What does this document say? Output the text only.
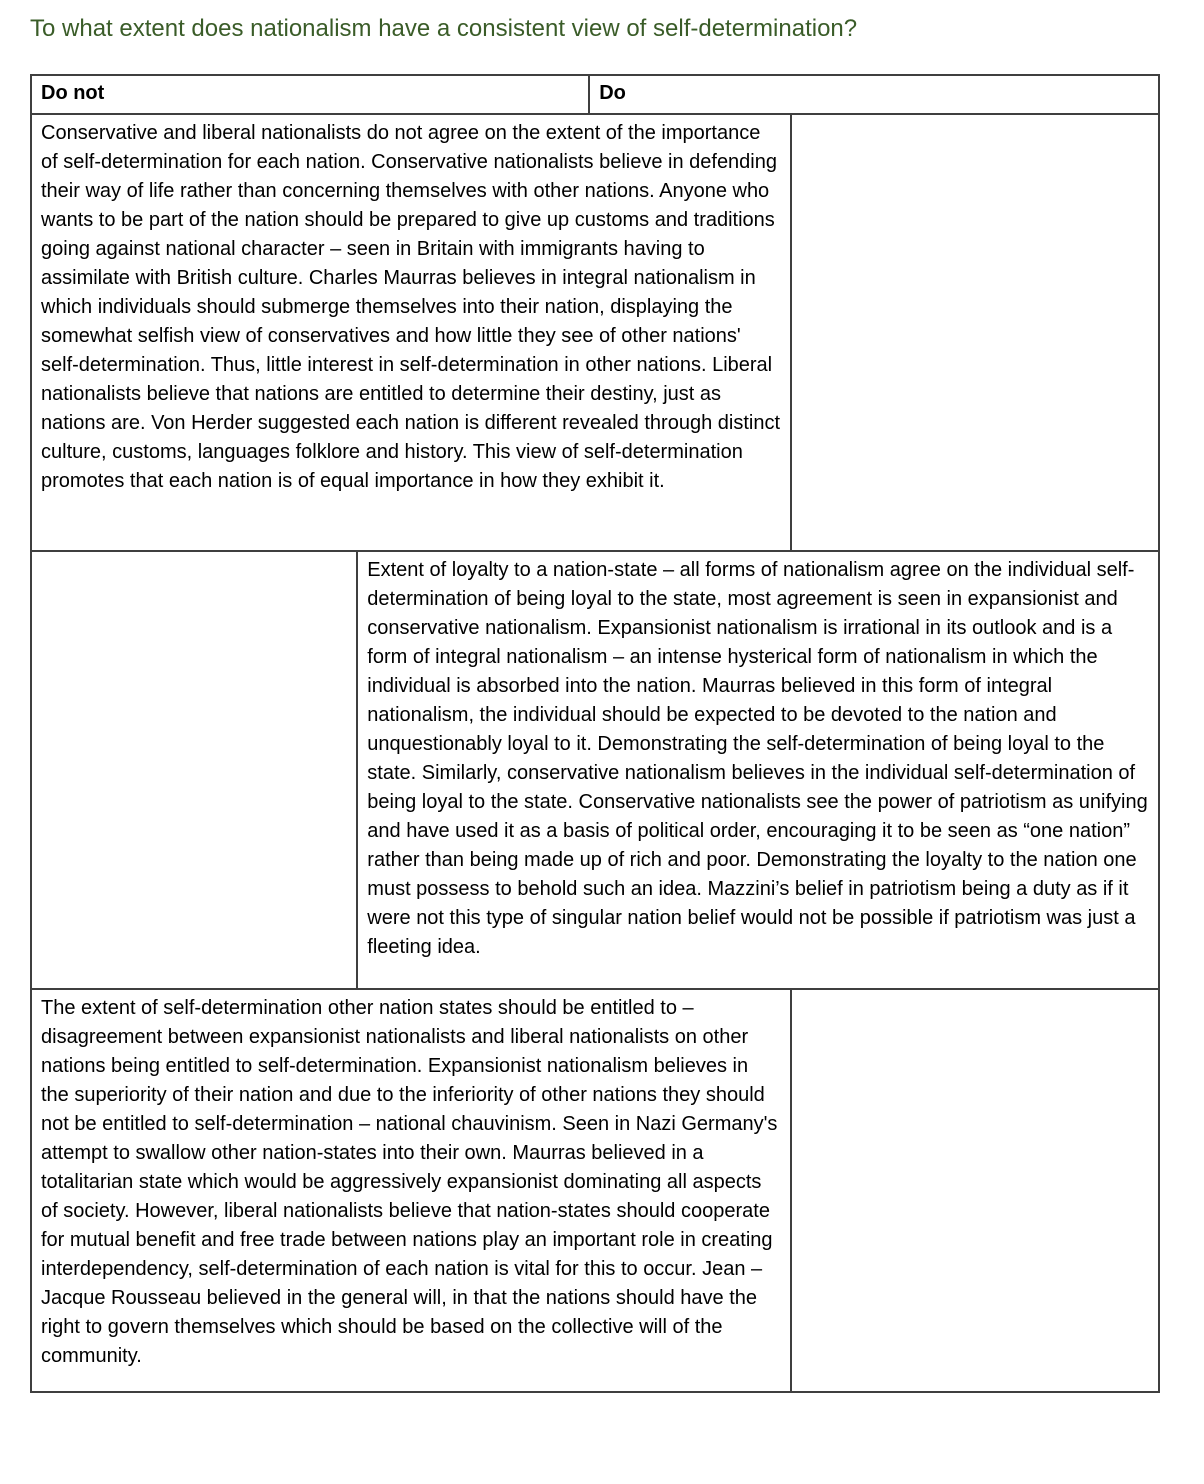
To what extent does nationalism have a consistent view of self-determination?
Do not	Do
Conservative and liberal nationalists do not agree on the extent of the importance of self-determination for each nation. Conservative nationalists believe in defending their way of life rather than concerning themselves with other nations. Anyone who wants to be part of the nation should be prepared to give up customs and traditions going against national character – seen in Britain with immigrants having to assimilate with British culture. Charles Maurras believes in integral nationalism in which individuals should submerge themselves into their nation, displaying the somewhat selfish view of conservatives and how little they see of other nations' self-determination. Thus, little interest in self-determination in other nations. Liberal nationalists believe that nations are entitled to determine their destiny, just as nations are. Von Herder suggested each nation is different revealed through distinct culture, customs, languages folklore and history. This view of self-determination promotes that each nation is of equal importance in how they exhibit it.
Extent of loyalty to a nation-state – all forms of nationalism agree on the individual self-determination of being loyal to the state, most agreement is seen in expansionist and conservative nationalism. Expansionist nationalism is irrational in its outlook and is a form of integral nationalism – an intense hysterical form of nationalism in which the individual is absorbed into the nation. Maurras believed in this form of integral nationalism, the individual should be expected to be devoted to the nation and unquestionably loyal to it. Demonstrating the self-determination of being loyal to the state. Similarly, conservative nationalism believes in the individual self-determination of being loyal to the state. Conservative nationalists see the power of patriotism as unifying and have used it as a basis of political order, encouraging it to be seen as “one nation” rather than being made up of rich and poor. Demonstrating the loyalty to the nation one must possess to behold such an idea. Mazzini’s belief in patriotism being a duty as if it were not this type of singular nation belief would not be possible if patriotism was just a fleeting idea.
The extent of self-determination other nation states should be entitled to – disagreement between expansionist nationalists and liberal nationalists on other nations being entitled to self-determination. Expansionist nationalism believes in the superiority of their nation and due to the inferiority of other nations they should not be entitled to self-determination – national chauvinism. Seen in Nazi Germany's attempt to swallow other nation-states into their own. Maurras believed in a totalitarian state which would be aggressively expansionist dominating all aspects of society. However, liberal nationalists believe that nation-states should cooperate for mutual benefit and free trade between nations play an important role in creating interdependency, self-determination of each nation is vital for this to occur. Jean – Jacque Rousseau believed in the general will, in that the nations should have the right to govern themselves which should be based on the collective will of the community.
